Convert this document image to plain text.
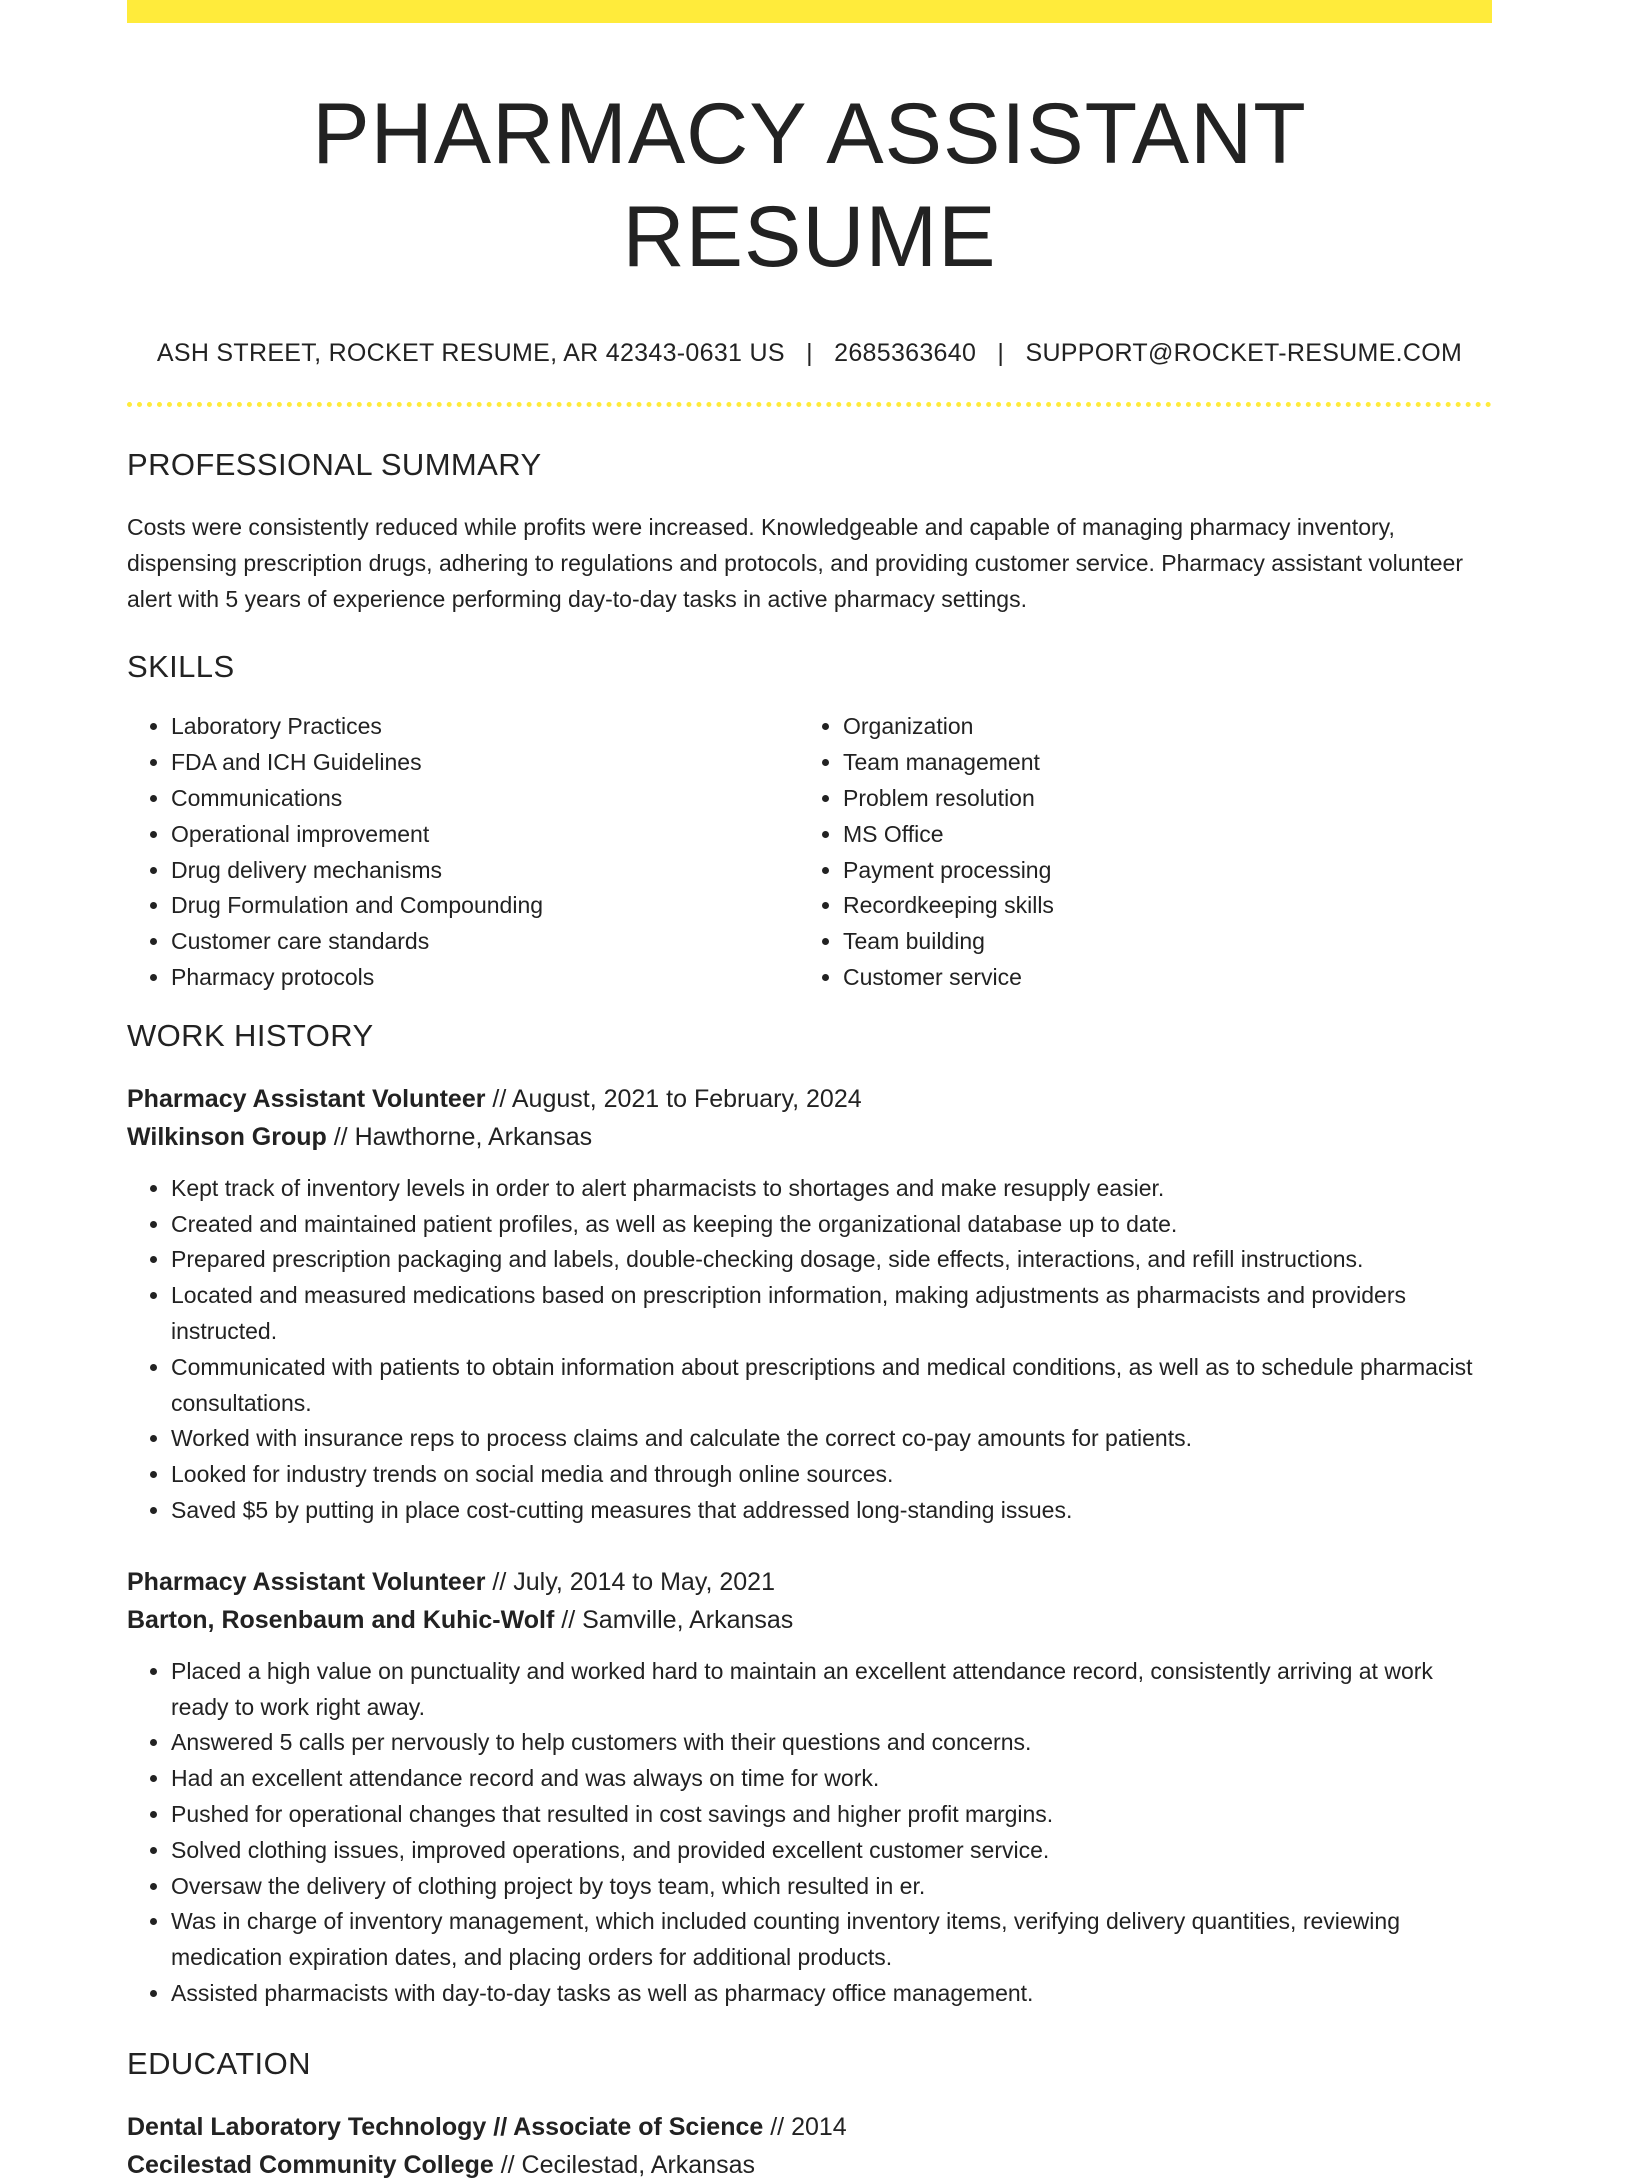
PHARMACY ASSISTANT RESUME
ASH STREET, ROCKET RESUME, AR 42343-0631 US | 2685363640 | SUPPORT@ROCKET-RESUME.COM
PROFESSIONAL SUMMARY

Costs were consistently reduced while profits were increased. Knowledgeable and capable of managing pharmacy inventory, dispensing prescription drugs, adhering to regulations and protocols, and providing customer service. Pharmacy assistant volunteer alert with 5 years of experience performing day-to-day tasks in active pharmacy settings.

SKILLS
• Laboratory Practices
• FDA and ICH Guidelines
• Communications
• Operational improvement
• Drug delivery mechanisms
• Drug Formulation and Compounding
• Customer care standards
• Pharmacy protocols
• Organization
• Team management
• Problem resolution
• MS Office
• Payment processing
• Recordkeeping skills
• Team building
• Customer service
WORK HISTORY
Pharmacy Assistant Volunteer // August, 2021 to February, 2024
Wilkinson Group // Hawthorne, Arkansas
• Kept track of inventory levels in order to alert pharmacists to shortages and make resupply easier.
• Created and maintained patient profiles, as well as keeping the organizational database up to date.
• Prepared prescription packaging and labels, double-checking dosage, side effects, interactions, and refill instructions.
• Located and measured medications based on prescription information, making adjustments as pharmacists and providers instructed.
• Communicated with patients to obtain information about prescriptions and medical conditions, as well as to schedule pharmacist consultations.
• Worked with insurance reps to process claims and calculate the correct co-pay amounts for patients.
• Looked for industry trends on social media and through online sources.
• Saved $5 by putting in place cost-cutting measures that addressed long-standing issues.
Pharmacy Assistant Volunteer // July, 2014 to May, 2021
Barton, Rosenbaum and Kuhic-Wolf // Samville, Arkansas
• Placed a high value on punctuality and worked hard to maintain an excellent attendance record, consistently arriving at work ready to work right away.
• Answered 5 calls per nervously to help customers with their questions and concerns.
• Had an excellent attendance record and was always on time for work.
• Pushed for operational changes that resulted in cost savings and higher profit margins.
• Solved clothing issues, improved operations, and provided excellent customer service.
• Oversaw the delivery of clothing project by toys team, which resulted in er.
• Was in charge of inventory management, which included counting inventory items, verifying delivery quantities, reviewing medication expiration dates, and placing orders for additional products.
• Assisted pharmacists with day-to-day tasks as well as pharmacy office management.
EDUCATION
Dental Laboratory Technology // Associate of Science // 2014
Cecilestad Community College // Cecilestad, Arkansas
